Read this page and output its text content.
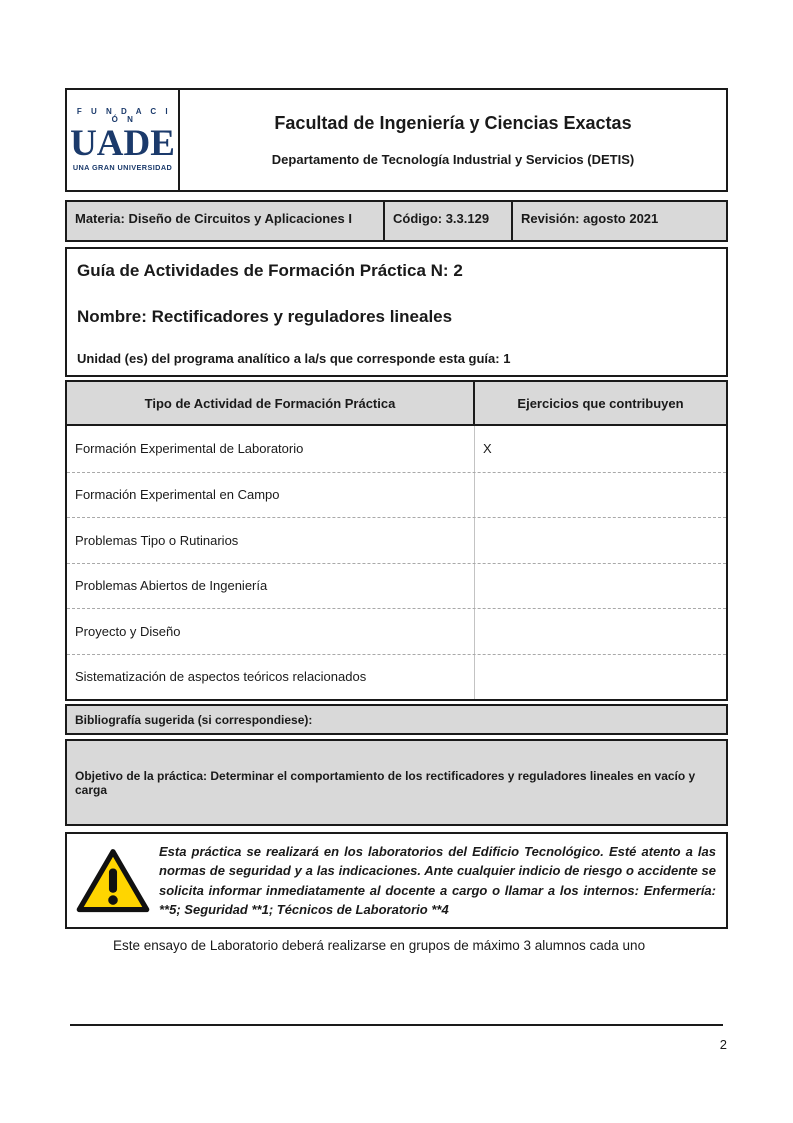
F U N D A C I Ó N
UADE
UNA GRAN UNIVERSIDAD
Facultad de Ingeniería y Ciencias Exactas
Departamento de Tecnología Industrial y Servicios (DETIS)
Materia: Diseño de Circuitos y Aplicaciones I	Código: 3.3.129	Revisión: agosto 2021
Guía de Actividades de Formación Práctica N: 2
Nombre: Rectificadores y reguladores lineales
Unidad (es) del programa analítico a la/s que corresponde esta guía: 1
Tipo de Actividad de Formación Práctica	Ejercicios que contribuyen
Formación Experimental de Laboratorio	X
Formación Experimental en Campo
Problemas Tipo o Rutinarios
Problemas Abiertos de Ingeniería
Proyecto y Diseño
Sistematización de aspectos teóricos relacionados
Bibliografía sugerida (si correspondiese):
Objetivo de la práctica: Determinar el comportamiento de los rectificadores y reguladores lineales en vacío y carga
Esta práctica se realizará en los laboratorios del Edificio Tecnológico. Esté atento a las normas de seguridad y a las indicaciones. Ante cualquier indicio de riesgo o accidente se solicita informar inmediatamente al docente a cargo o llamar a los internos: Enfermería: **5; Seguridad **1; Técnicos de Laboratorio **4
Este ensayo de Laboratorio deberá realizarse en grupos de máximo 3 alumnos cada uno
2
